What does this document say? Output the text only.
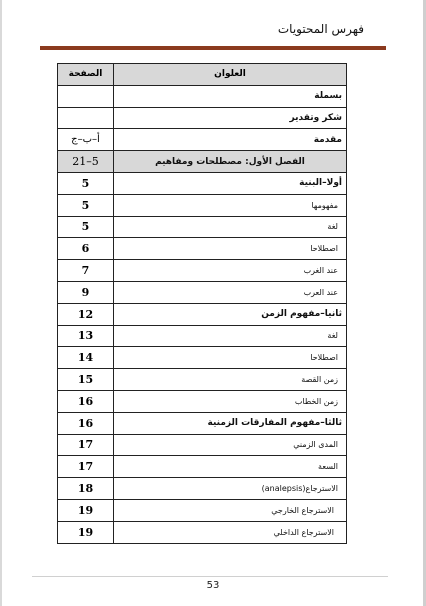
فهرس المحتويات
العلوان	الصفحة
بسملة	
شكر وتقدير	
مقدمة	أ–ب–ج
الفصل الأول: مصطلحات ومفاهيم	5–21
أولا–البنية	5
مفهومها	5
لغة	5
اصطلاحا	6
عند الغرب	7
عند العرب	9
ثانيا–مفهوم الزمن	12
لغة	13
اصطلاحا	14
زمن القصة	15
زمن الخطاب	16
ثالثا–مفهوم المفارقات الزمنية	16
المدى الزمني	17
السعة	17
الاسترجاع(analepsis)	18
الاسترجاع الخارجي	19
الاسترجاع الداخلي	19
53
